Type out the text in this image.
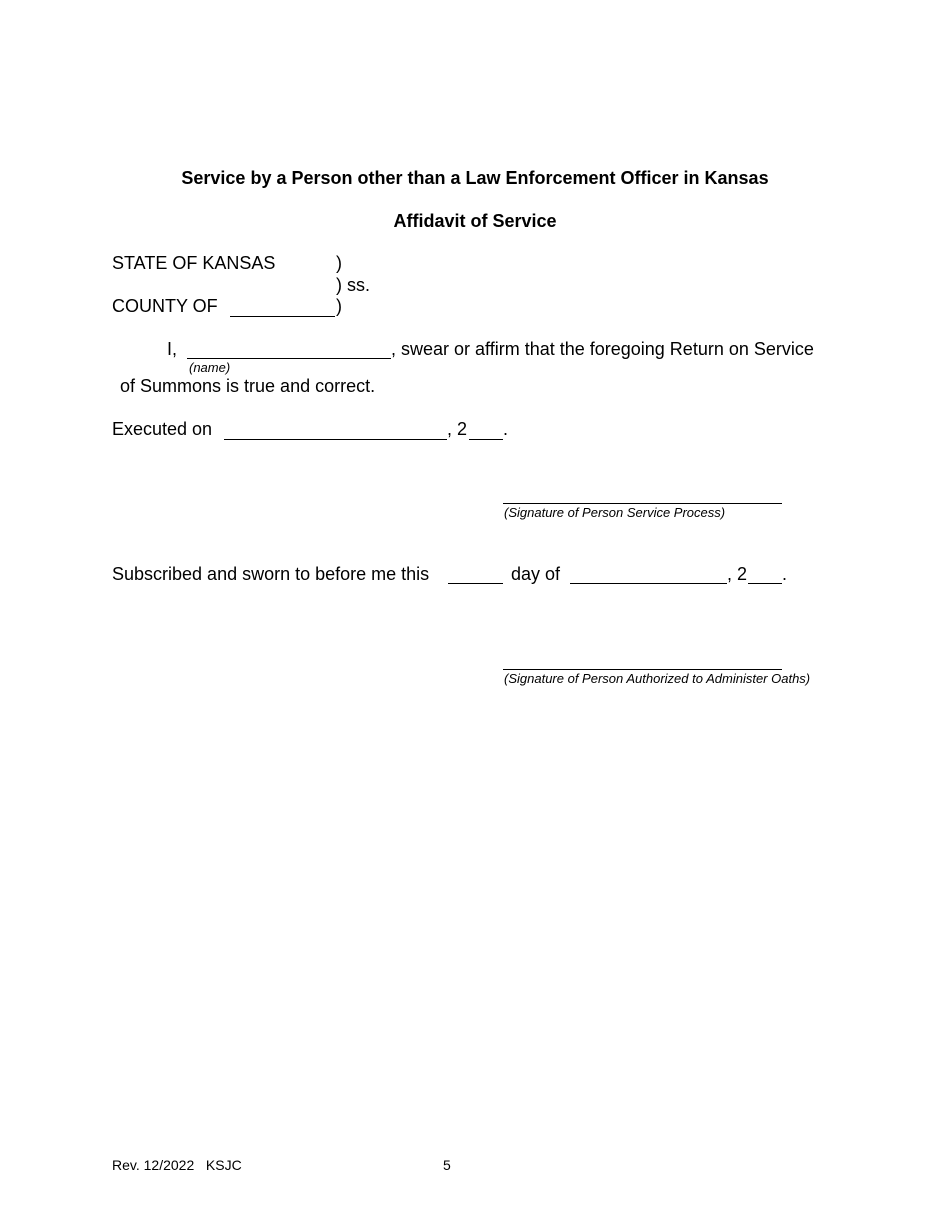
Service by a Person other than a Law Enforcement Officer in Kansas
Affidavit of Service
STATE OF KANSAS	)
) ss.
COUNTY OF	)
I,
(name)
, swear or affirm that the foregoing Return on Service
of Summons is true and correct.
Executed on	, 2 .
(Signature of Person Service Process)
Subscribed and sworn to before me this	day of	, 2 .
(Signature of Person Authorized to Administer Oaths)
Rev. 12/2022   KSJC	5
